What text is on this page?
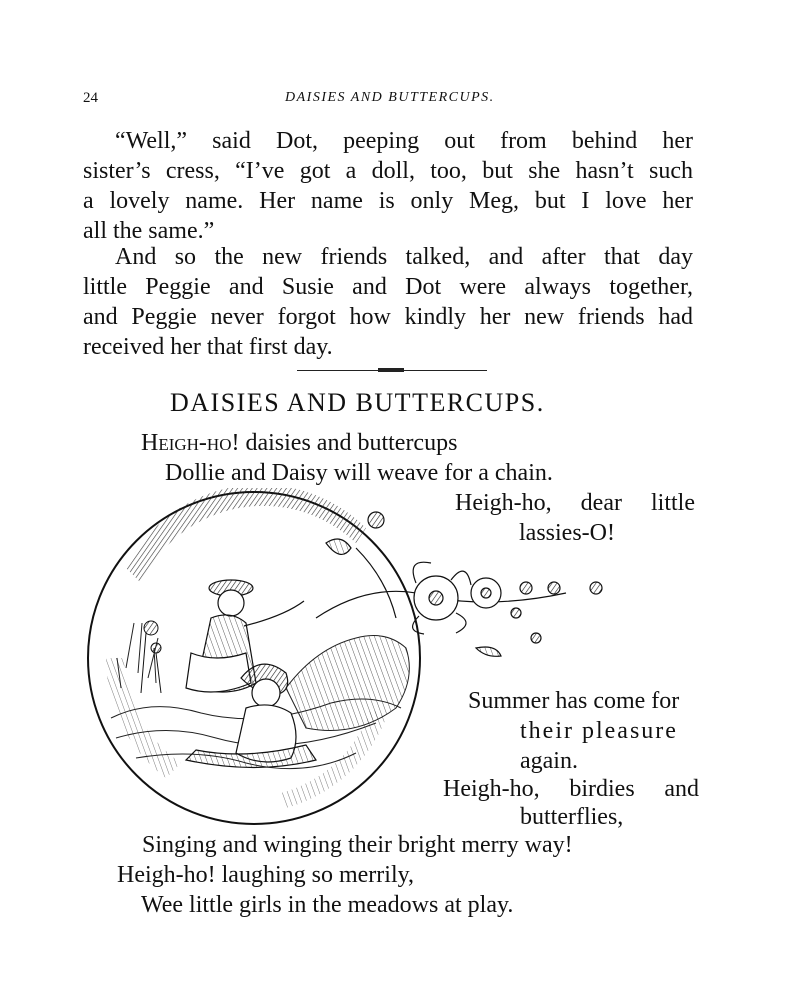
24	DAISIES AND BUTTERCUPS.

“Well,” said Dot, peeping out from behind her

sister’s cress, “I’ve got a doll, too, but she hasn’t such

a lovely name. Her name is only Meg, but I love her

all the same.”

And so the new friends talked, and after that day

little Peggie and Susie and Dot were always together,

and Peggie never forgot how kindly her new friends had

received her that first day.

DAISIES AND BUTTERCUPS.
Heigh-ho! daisies and buttercups
Dollie and Daisy will weave for a chain.
Heigh-ho, dear little
lassies-O!
Summer has come for
their pleasure
again.
Heigh-ho, birdies and
butterflies,
Singing and winging their bright merry way!
Heigh-ho! laughing so merrily,
Wee little girls in the meadows at play.
